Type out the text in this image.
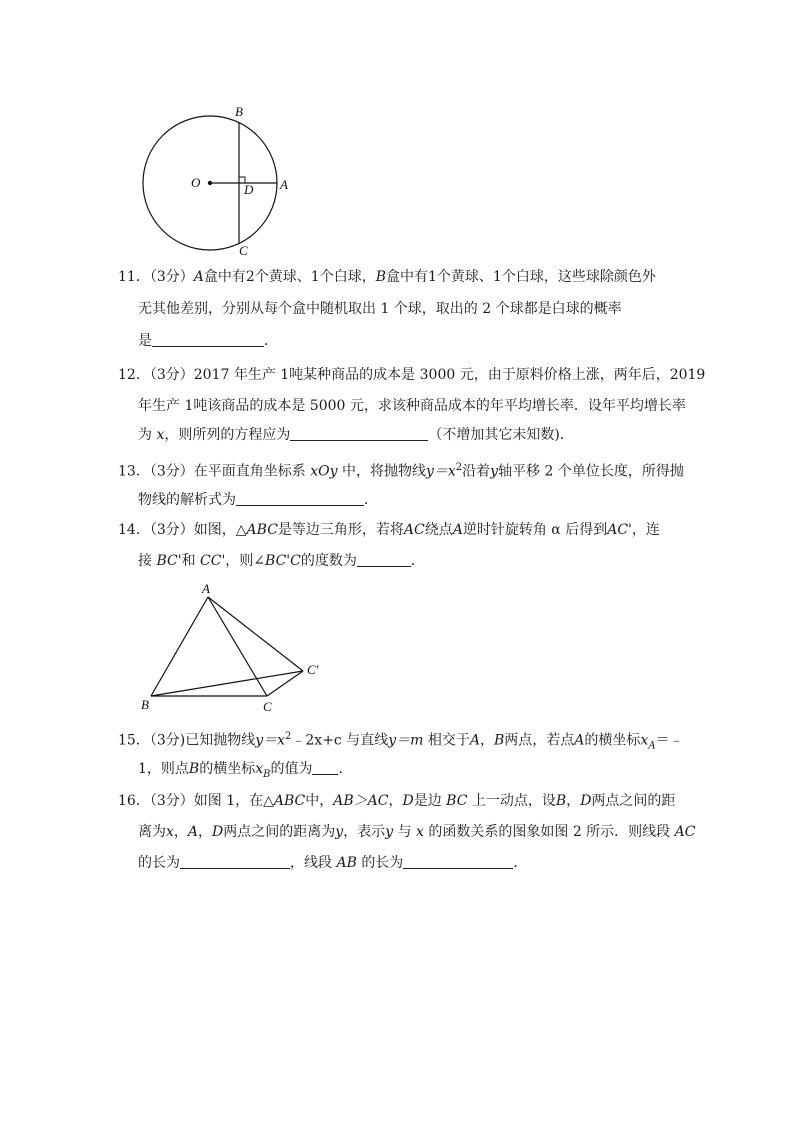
B
O	D A
C
11．（3分）A盒中有2个黄球、1个白球，B盒中有1个黄球、1个白球，这些球除颜色外
无其他差别，分别从每个盒中随机取出 1 个球，取出的 2 个球都是白球的概率
是	．
12．（3分）2017 年生产 1吨某种商品的成本是 3000 元，由于原料价格上涨，两年后，2019
年生产 1吨该商品的成本是 5000 元，求该种商品成本的年平均增长率．设年平均增长率
为 x，则所列的方程应为	（不增加其它未知数)．
13．（3分）在平面直角坐标系 xOy 中，将抛物线$y=x^2$沿着y轴平移 2 个单位长度，所得抛
物线的解析式为	．
14．（3分）如图，△ABC是等边三角形，若将AC绕点A逆时针旋转角 α 后得到AC'，连
接 BC'和 CC'，则∠BC'C的度数为	．
A
B	C
C′
15．（3分)已知抛物线$y=x^2﹣2x+c$ 与直线y＝m 相交于A，B两点，若点A的横坐标$x_A=﹣$
1，则点B的横坐标$x_B$的值为 ．
16．（3分）如图 1，在△ABC中，AB＞AC，D是边 BC 上一动点，设B，D两点之间的距
离为x，A，D两点之间的距离为y，表示y 与 x 的函数关系的图象如图 2 所示．则线段 AC
的长为	，线段 AB 的长为	．
